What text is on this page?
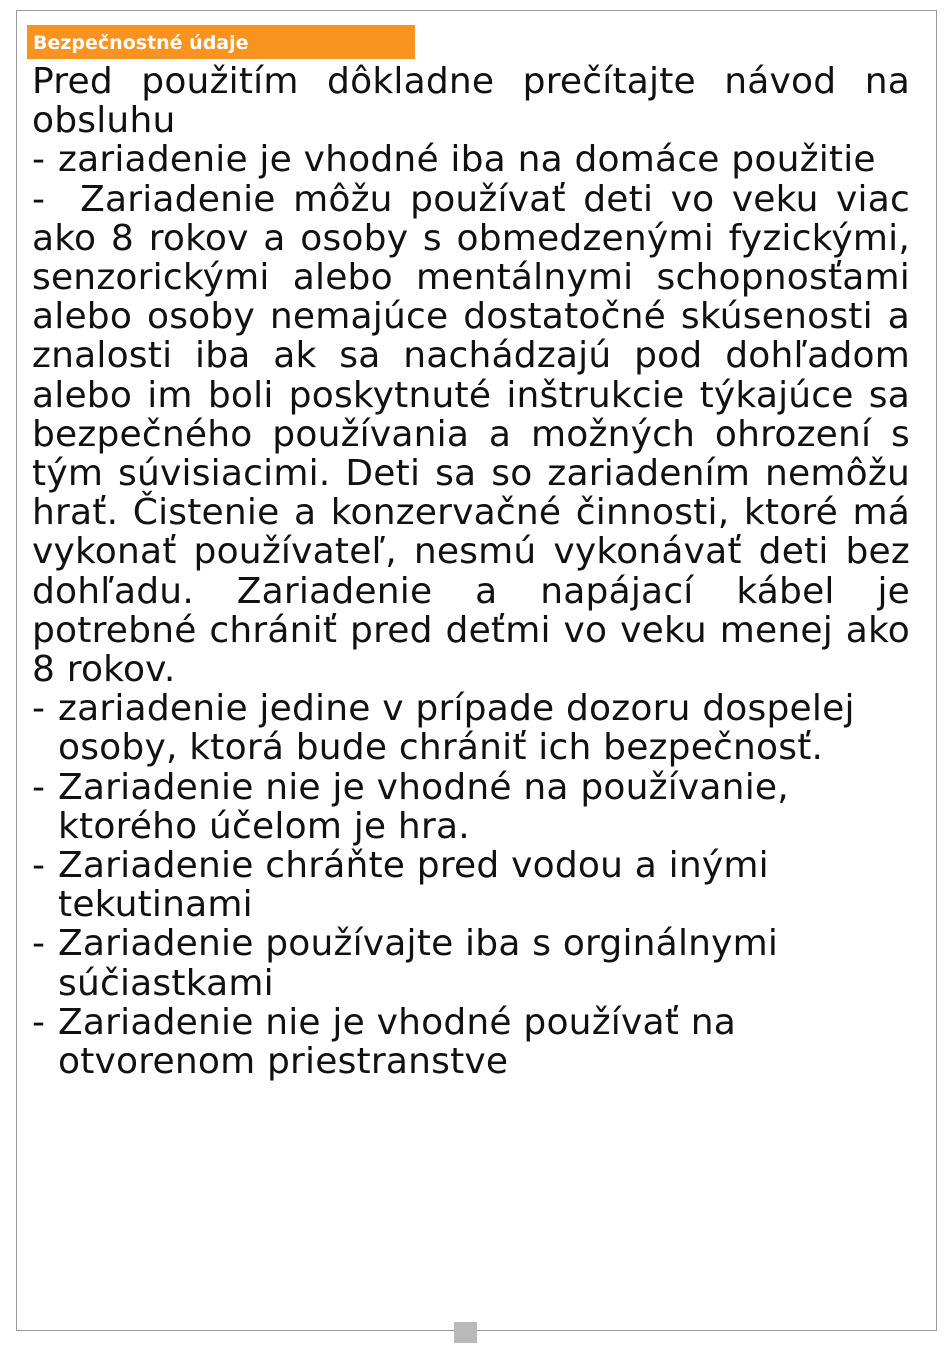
Bezpečnostné údaje

Pred použitím dôkladne prečítajte návod na obsluhu

- zariadenie je vhodné iba na domáce použitie

- Zariadenie môžu používať deti vo veku viac ako 8 rokov a osoby s obmedzenými fyzickými, senzorickými alebo mentálnymi schopnosťami alebo osoby nemajúce dostatočné skúsenosti a znalosti iba ak sa nachádzajú pod dohľadom alebo im boli poskytnuté inštrukcie týkajúce sa bezpečného používania a možných ohrození s tým súvisiacimi. Deti sa so zariadením nemôžu hrať. Čistenie a konzervačné činnosti, ktoré má vykonať používateľ, nesmú vykonávať deti bez dohľadu. Zariadenie a napájací kábel je potrebné chrániť pred deťmi vo veku menej ako 8 rokov.

- zariadenie jedine v prípade dozoru dospelej osoby, ktorá bude chrániť ich bezpečnosť.
- Zariadenie nie je vhodné na používanie, ktorého účelom je hra.
- Zariadenie chráňte pred vodou a inými tekutinami
- Zariadenie používajte iba s orginálnymi súčiastkami
- Zariadenie nie je vhodné používať na otvorenom priestranstve
